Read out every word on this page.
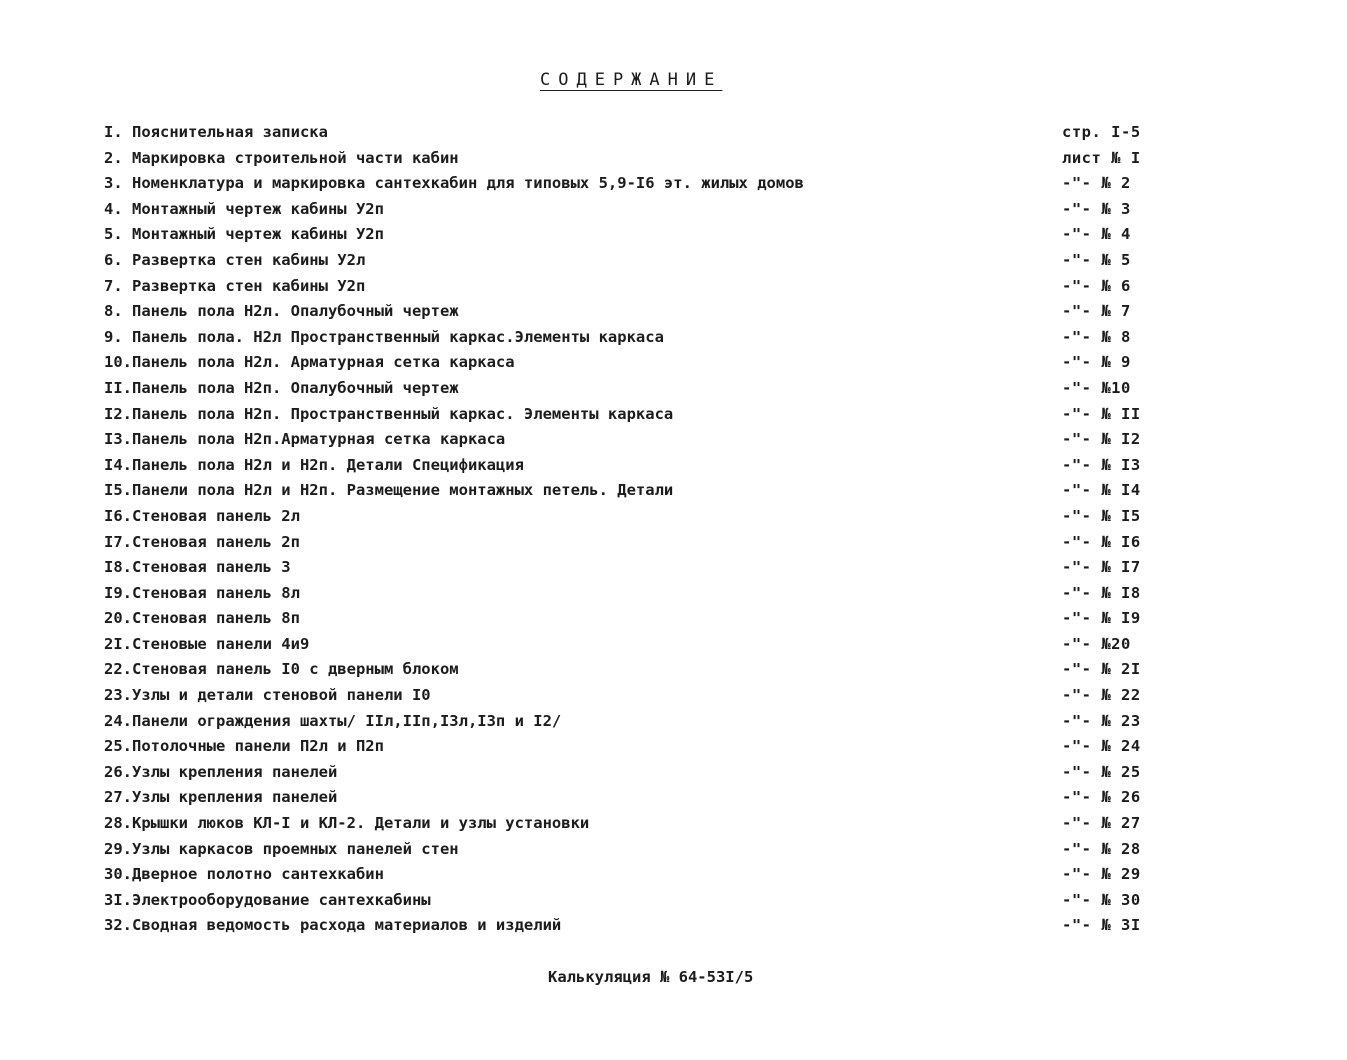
СОДЕРЖАНИЕ
I. Пояснительная записка	стр. I-5
2. Маркировка строительной части кабин	лист № I
3. Номенклатура и маркировка сантехкабин для типовых 5,9-I6 эт. жилых домов	-"- № 2
4. Монтажный чертеж кабины У2п	-"- № 3
5. Монтажный чертеж кабины У2п	-"- № 4
6. Развертка стен кабины У2л	-"- № 5
7. Развертка стен кабины У2п	-"- № 6
8. Панель пола Н2л. Опалубочный чертеж	-"- № 7
9. Панель пола. Н2л Пространственный каркас.Элементы каркаса	-"- № 8
10.Панель пола Н2л. Арматурная сетка каркаса	-"- № 9
II.Панель пола Н2п. Опалубочный чертеж	-"- №10
I2.Панель пола Н2п. Пространственный каркас. Элементы каркаса	-"- № II
I3.Панель пола Н2п.Арматурная сетка каркаса	-"- № I2
I4.Панель пола Н2л и Н2п. Детали Спецификация	-"- № I3
I5.Панели пола Н2л и Н2п. Размещение монтажных петель. Детали	-"- № I4
I6.Стеновая панель 2л	-"- № I5
I7.Стеновая панель 2п	-"- № I6
I8.Стеновая панель 3	-"- № I7
I9.Стеновая панель 8л	-"- № I8
20.Стеновая панель 8п	-"- № I9
2I.Стеновые панели 4и9	-"- №20
22.Стеновая панель I0 с дверным блоком	-"- № 2I
23.Узлы и детали стеновой панели I0	-"- № 22
24.Панели ограждения шахты/ IIл,IIп,I3л,I3п и I2/	-"- № 23
25.Потолочные панели П2л и П2п	-"- № 24
26.Узлы крепления панелей	-"- № 25
27.Узлы крепления панелей	-"- № 26
28.Крышки люков КЛ-I и КЛ-2. Детали и узлы установки	-"- № 27
29.Узлы каркасов проемных панелей стен	-"- № 28
30.Дверное полотно сантехкабин	-"- № 29
3I.Электрооборудование сантехкабины	-"- № 30
32.Сводная ведомость расхода материалов и изделий	-"- № 3I
Калькуляция № 64-53I/5
